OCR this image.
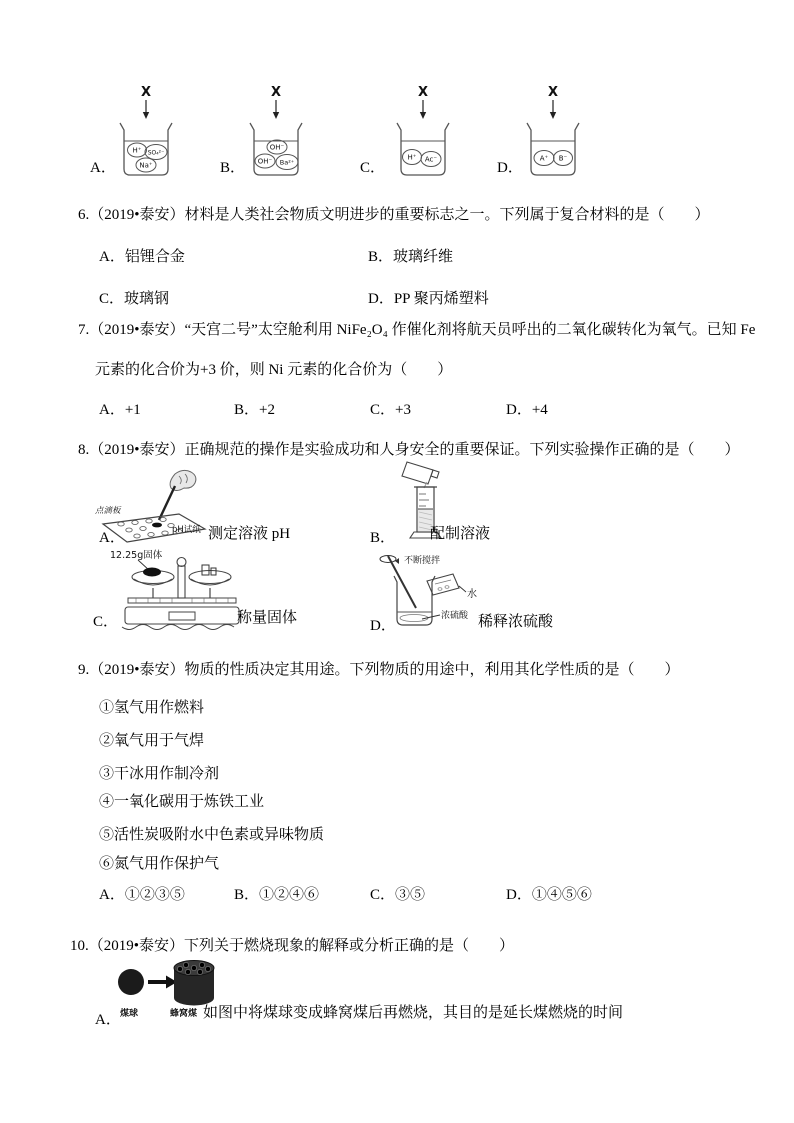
X
H⁺ SO₄²⁻
Na⁺
X
OH⁻
OH⁻ Ba²⁺
X
H⁺ Ac⁻
X
A⁺ B⁻
A．	B．	C．	D．
6.（2019•泰安）材料是人类社会物质文明进步的重要标志之一。下列属于复合材料的是（　　）
A．铝锂合金	B．玻璃纤维
C．玻璃钢	D．PP 聚丙烯塑料
7.（2019•泰安）“天宫二号”太空舱利用 NiFe₂O₄ 作催化剂将航天员呼出的二氧化碳转化为氧气。已知 Fe
元素的化合价为+3 价，则 Ni 元素的化合价为（　　）
A．+1	B．+2	C．+3	D．+4
8.（2019•泰安）正确规范的操作是实验成功和人身安全的重要保证。下列实验操作正确的是（　　）
点滴板
pH试纸
A．	测定溶液 pH	B． 配制溶液
12.25g固体
C．	称量固体
不断搅拌
水
浓硫酸
D．	稀释浓硫酸
9.（2019•泰安）物质的性质决定其用途。下列物质的用途中，利用其化学性质的是（　　）
①氢气用作燃料
②氧气用于气焊
③干冰用作制冷剂
④一氧化碳用于炼铁工业
⑤活性炭吸附水中色素或异味物质
⑥氮气用作保护气
A．①②③⑤	B．①②④⑥	C．③⑤	D．①④⑤⑥
10.（2019•泰安）下列关于燃烧现象的解释或分析正确的是（　　）
煤球	蜂窝煤
A．	如图中将煤球变成蜂窝煤后再燃烧，其目的是延长煤燃烧的时间
